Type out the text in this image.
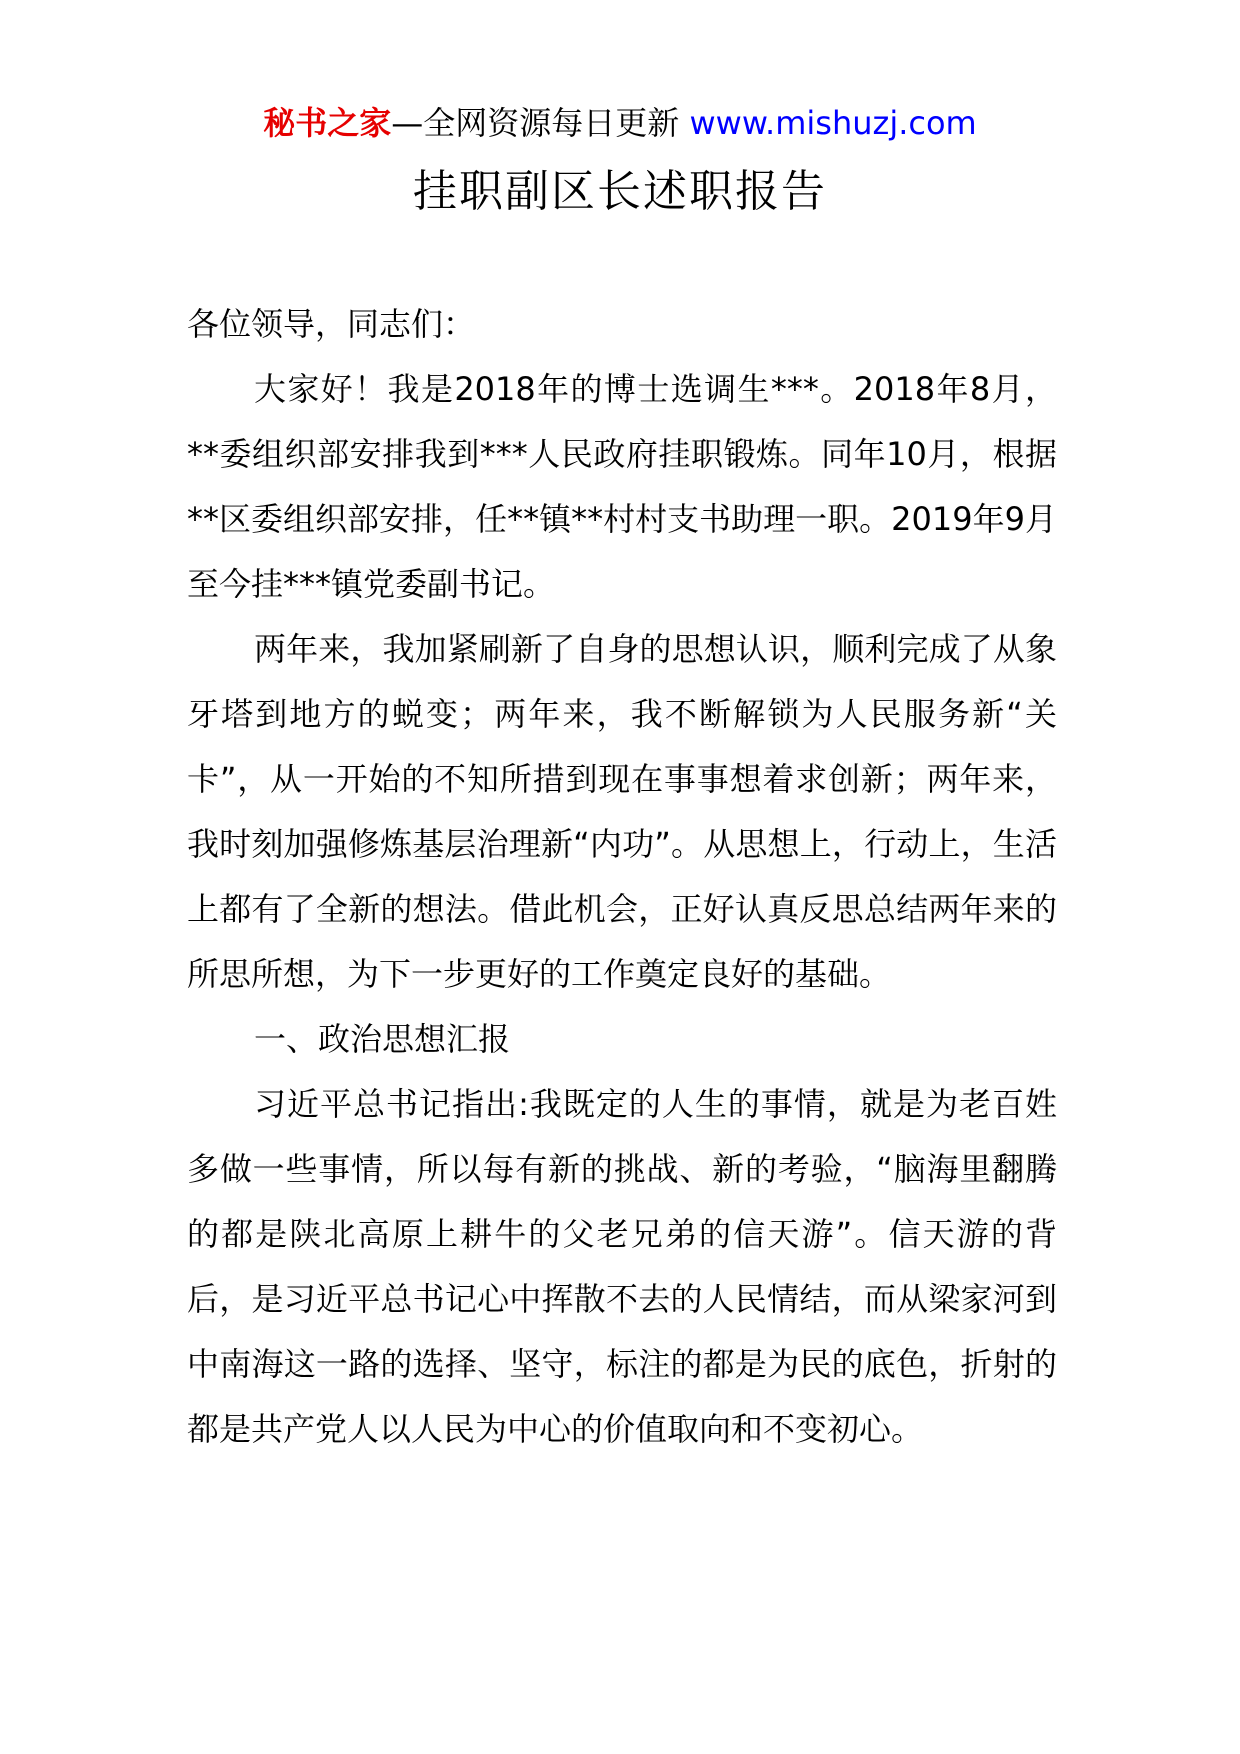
秘书之家—全网资源每日更新 www.mishuzj.com
挂职副区长述职报告

各位领导，同志们：

大家好！我是2018年的博士选调生***。2018年8月，**委组织部安排我到***人民政府挂职锻炼。同年10月，根据**区委组织部安排，任**镇**村村支书助理一职。2019年9月至今挂***镇党委副书记。

两年来，我加紧刷新了自身的思想认识，顺利完成了从象牙塔到地方的蜕变；两年来，我不断解锁为人民服务新“关卡”，从一开始的不知所措到现在事事想着求创新；两年来，我时刻加强修炼基层治理新“内功”。从思想上，行动上，生活上都有了全新的想法。借此机会，正好认真反思总结两年来的所思所想，为下一步更好的工作奠定良好的基础。

一、政治思想汇报

习近平总书记指出:我既定的人生的事情，就是为老百姓多做一些事情，所以每有新的挑战、新的考验，“脑海里翻腾的都是陕北高原上耕牛的父老兄弟的信天游”。信天游的背后，是习近平总书记心中挥散不去的人民情结，而从梁家河到中南海这一路的选择、坚守，标注的都是为民的底色，折射的都是共产党人以人民为中心的价值取向和不变初心。
